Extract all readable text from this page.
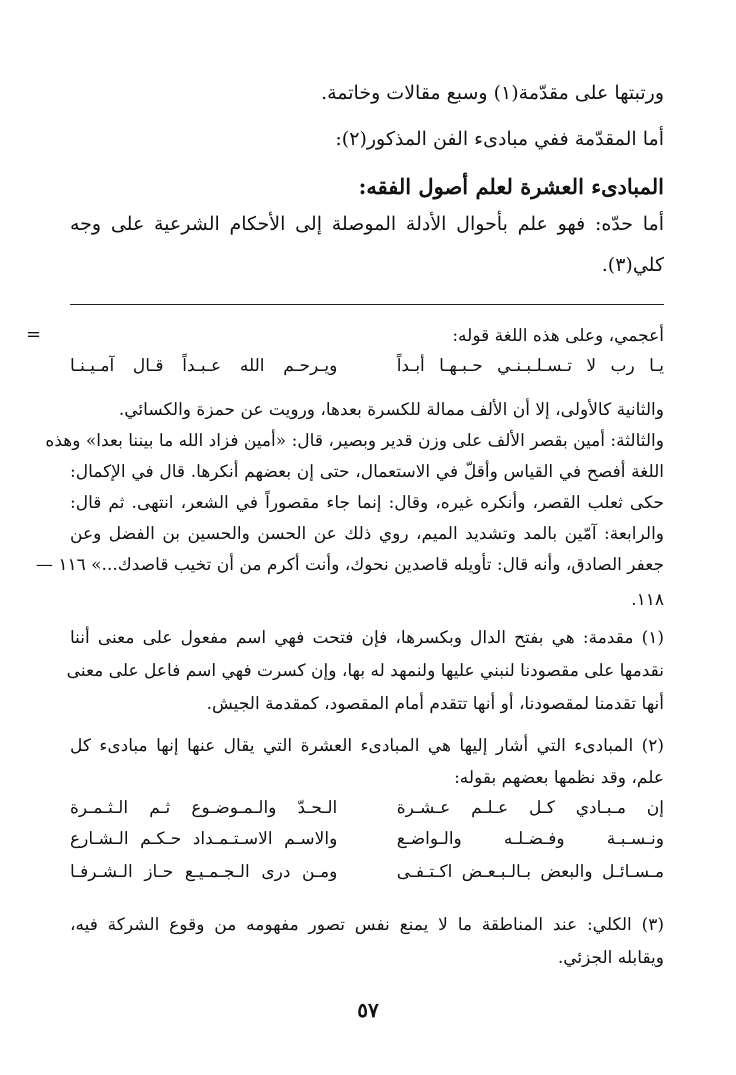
ورتبتها على مقدّمة(١) وسبع مقالات وخاتمة.
أما المقدّمة ففي مبادىء الفن المذكور(٢):
المبادىء العشرة لعلم أصول الفقه:
أما حدّه: فهو علم بأحوال الأدلة الموصلة إلى الأحكام الشرعية على وجه
كلي(٣).
=	أعجمي، وعلى هذه اللغة قوله:
يـا رب لا تـسـلـبـنـي حـبـهـا أبـداً
ويـرحـم الله عـبـداً قـال آمـيـنـا
والثانية كالأولى، إلا أن الألف ممالة للكسرة بعدها، ورويت عن حمزة والكسائي.
والثالثة: أمين بقصر الألف على وزن قدير وبصير، قال: «أمين فزاد الله ما بيننا بعدا» وهذه
اللغة أفصح في القياس وأقلّ في الاستعمال، حتى إن بعضهم أنكرها. قال في الإكمال:
حكى ثعلب القصر، وأنكره غيره، وقال: إنما جاء مقصوراً في الشعر، انتهى. ثم قال:
والرابعة: آمّين بالمد وتشديد الميم، روي ذلك عن الحسن والحسين بن الفضل وعن
جعفر الصادق، وأنه قال: تأويله قاصدين نحوك، وأنت أكرم من أن تخيب قاصدك...» ١١٦ —
١١٨.
(١) مقدمة: هي بفتح الدال وبكسرها، فإن فتحت فهي اسم مفعول على معنى أننا
نقدمها على مقصودنا لنبني عليها ولنمهد له بها، وإن كسرت فهي اسم فاعل على معنى
أنها تقدمنا لمقصودنا، أو أنها تتقدم أمام المقصود، كمقدمة الجيش.
(٢) المبادىء التي أشار إليها هي المبادىء العشرة التي يقال عنها إنها مبادىء كل
علم، وقد نظمها بعضهم بقوله:
إن مـبـادي كـل عـلـم عـشـرة
الـحـدّ والـمـوضـوع ثـم الـثـمـرة
ونـسـبـة وفـضـلـه والـواضـع
والاسـم الاسـتـمـداد حـكـم الـشـارع
مـسـائـل والبعض بـالـبـعـض اكـتـفـى
ومـن درى الـجـمـيـع حـاز الـشـرفـا
(٣) الكلي: عند المناطقة ما لا يمنع نفس تصور مفهومه من وقوع الشركة فيه،
ويقابله الجزئي.
٥٧
